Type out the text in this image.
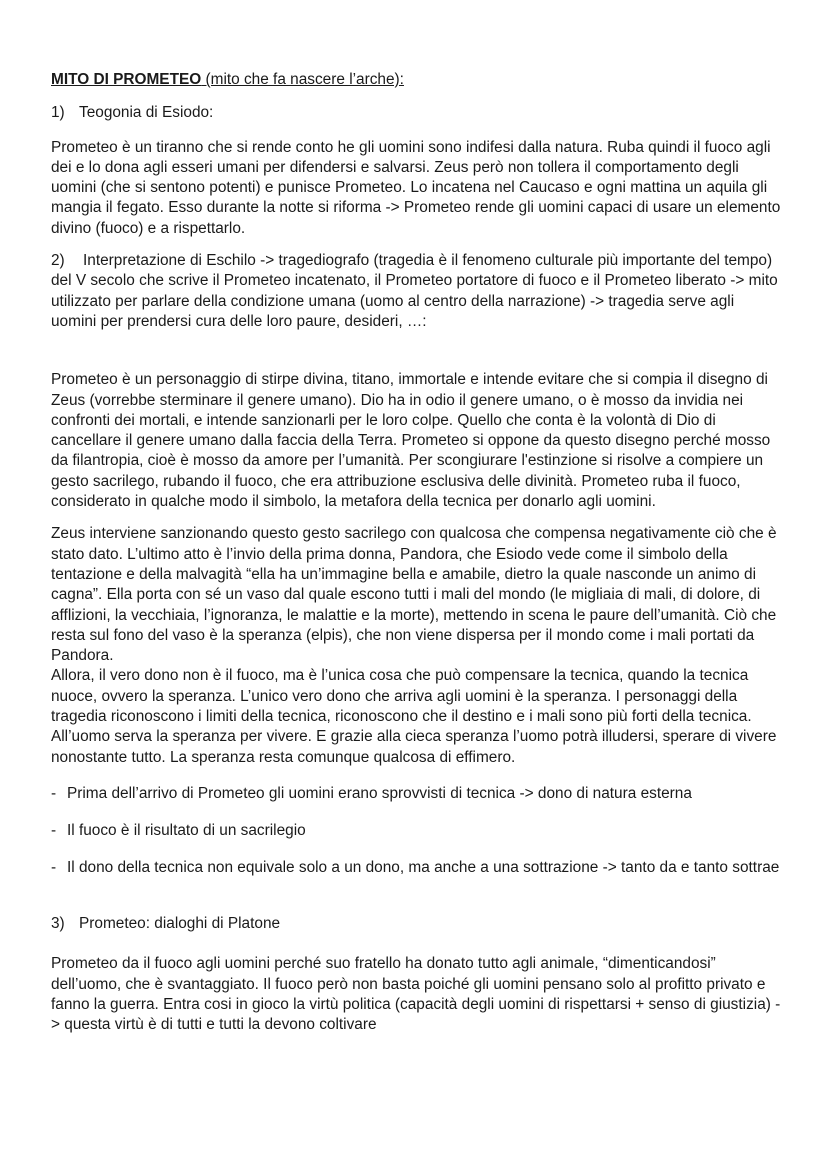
MITO DI PROMETEO (mito che fa nascere l’arche):

1) Teogonia di Esiodo:

Prometeo è un tiranno che si rende conto he gli uomini sono indifesi dalla natura. Ruba quindi il fuoco agli dei e lo dona agli esseri umani per difendersi e salvarsi. Zeus però non tollera il comportamento degli uomini (che si sentono potenti) e punisce Prometeo. Lo incatena nel Caucaso e ogni mattina un aquila gli mangia il fegato. Esso durante la notte si riforma -> Prometeo rende gli uomini capaci di usare un elemento divino (fuoco) e a rispettarlo.

2) Interpretazione di Eschilo -> tragediografo (tragedia è il fenomeno culturale più importante del tempo) del V secolo che scrive il Prometeo incatenato, il Prometeo portatore di fuoco e il Prometeo liberato -> mito utilizzato per parlare della condizione umana (uomo al centro della narrazione) -> tragedia serve agli uomini per prendersi cura delle loro paure, desideri, …:

Prometeo è un personaggio di stirpe divina, titano, immortale e intende evitare che si compia il disegno di Zeus (vorrebbe sterminare il genere umano). Dio ha in odio il genere umano, o è mosso da invidia nei confronti dei mortali, e intende sanzionarli per le loro colpe. Quello che conta è la volontà di Dio di cancellare il genere umano dalla faccia della Terra. Prometeo si oppone da questo disegno perché mosso da filantropia, cioè è mosso da amore per l’umanità. Per scongiurare l'estinzione si risolve a compiere un gesto sacrilego, rubando il fuoco, che era attribuzione esclusiva delle divinità. Prometeo ruba il fuoco, considerato in qualche modo il simbolo, la metafora della tecnica per donarlo agli uomini.

Zeus interviene sanzionando questo gesto sacrilego con qualcosa che compensa negativamente ciò che è stato dato. L’ultimo atto è l’invio della prima donna, Pandora, che Esiodo vede come il simbolo della tentazione e della malvagità “ella ha un’immagine bella e amabile, dietro la quale nasconde un animo di cagna”. Ella porta con sé un vaso dal quale escono tutti i mali del mondo (le migliaia di mali, di dolore, di afflizioni, la vecchiaia, l’ignoranza, le malattie e la morte), mettendo in scena le paure dell’umanità. Ciò che resta sul fono del vaso è la speranza (elpis), che non viene dispersa per il mondo come i mali portati da Pandora.

Allora, il vero dono non è il fuoco, ma è l’unica cosa che può compensare la tecnica, quando la tecnica nuoce, ovvero la speranza. L’unico vero dono che arriva agli uomini è la speranza. I personaggi della tragedia riconoscono i limiti della tecnica, riconoscono che il destino e i mali sono più forti della tecnica. All’uomo serva la speranza per vivere. E grazie alla cieca speranza l’uomo potrà illudersi, sperare di vivere nonostante tutto. La speranza resta comunque qualcosa di effimero.

- Prima dell’arrivo di Prometeo gli uomini erano sprovvisti di tecnica -> dono di natura esterna
- Il fuoco è il risultato di un sacrilegio
- Il dono della tecnica non equivale solo a un dono, ma anche a una sottrazione -> tanto da e tanto sottrae

3) Prometeo: dialoghi di Platone

Prometeo da il fuoco agli uomini perché suo fratello ha donato tutto agli animale, “dimenticandosi” dell’uomo, che è svantaggiato. Il fuoco però non basta poiché gli uomini pensano solo al profitto privato e fanno la guerra. Entra cosi in gioco la virtù politica (capacità degli uomini di rispettarsi + senso di giustizia) -> questa virtù è di tutti e tutti la devono coltivare
